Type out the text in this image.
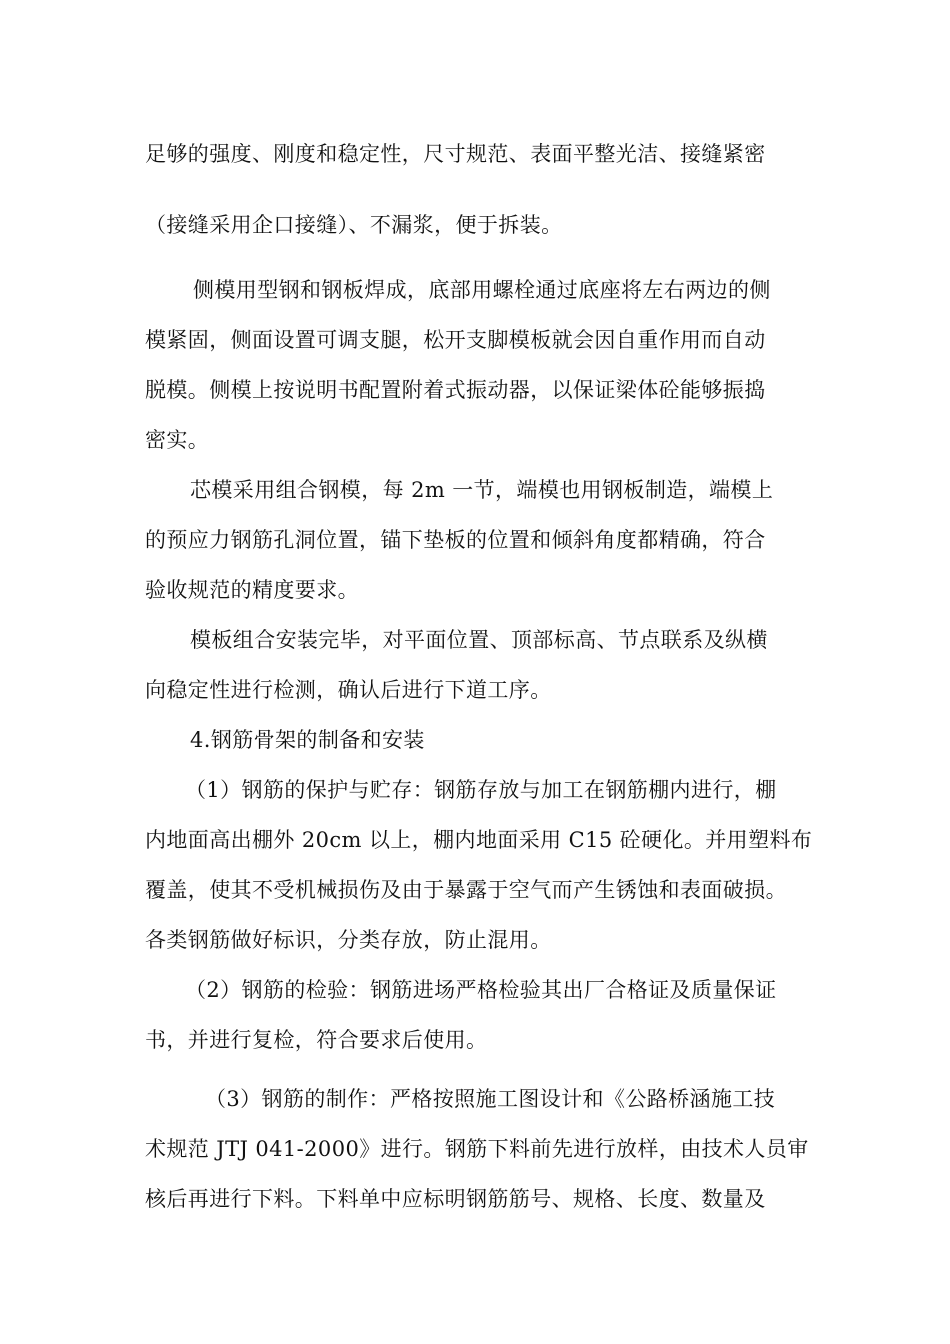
足够的强度、刚度和稳定性，尺寸规范、表面平整光洁、接缝紧密
（接缝采用企口接缝）、不漏浆，便于拆装。
侧模用型钢和钢板焊成，底部用螺栓通过底座将左右两边的侧
模紧固，侧面设置可调支腿，松开支脚模板就会因自重作用而自动
脱模。侧模上按说明书配置附着式振动器，以保证梁体砼能够振捣
密实。
芯模采用组合钢模，每 2m 一节，端模也用钢板制造，端模上
的预应力钢筋孔洞位置，锚下垫板的位置和倾斜角度都精确，符合
验收规范的精度要求。
模板组合安装完毕，对平面位置、顶部标高、节点联系及纵横
向稳定性进行检测，确认后进行下道工序。
4.钢筋骨架的制备和安装
（1）钢筋的保护与贮存：钢筋存放与加工在钢筋棚内进行，棚
内地面高出棚外 20cm 以上，棚内地面采用 C15 砼硬化。并用塑料布
覆盖，使其不受机械损伤及由于暴露于空气而产生锈蚀和表面破损。
各类钢筋做好标识，分类存放，防止混用。
（2）钢筋的检验：钢筋进场严格检验其出厂合格证及质量保证
书，并进行复检，符合要求后使用。
（3）钢筋的制作：严格按照施工图设计和《公路桥涵施工技
术规范 JTJ 041-2000》进行。钢筋下料前先进行放样，由技术人员审
核后再进行下料。下料单中应标明钢筋筋号、规格、长度、数量及
